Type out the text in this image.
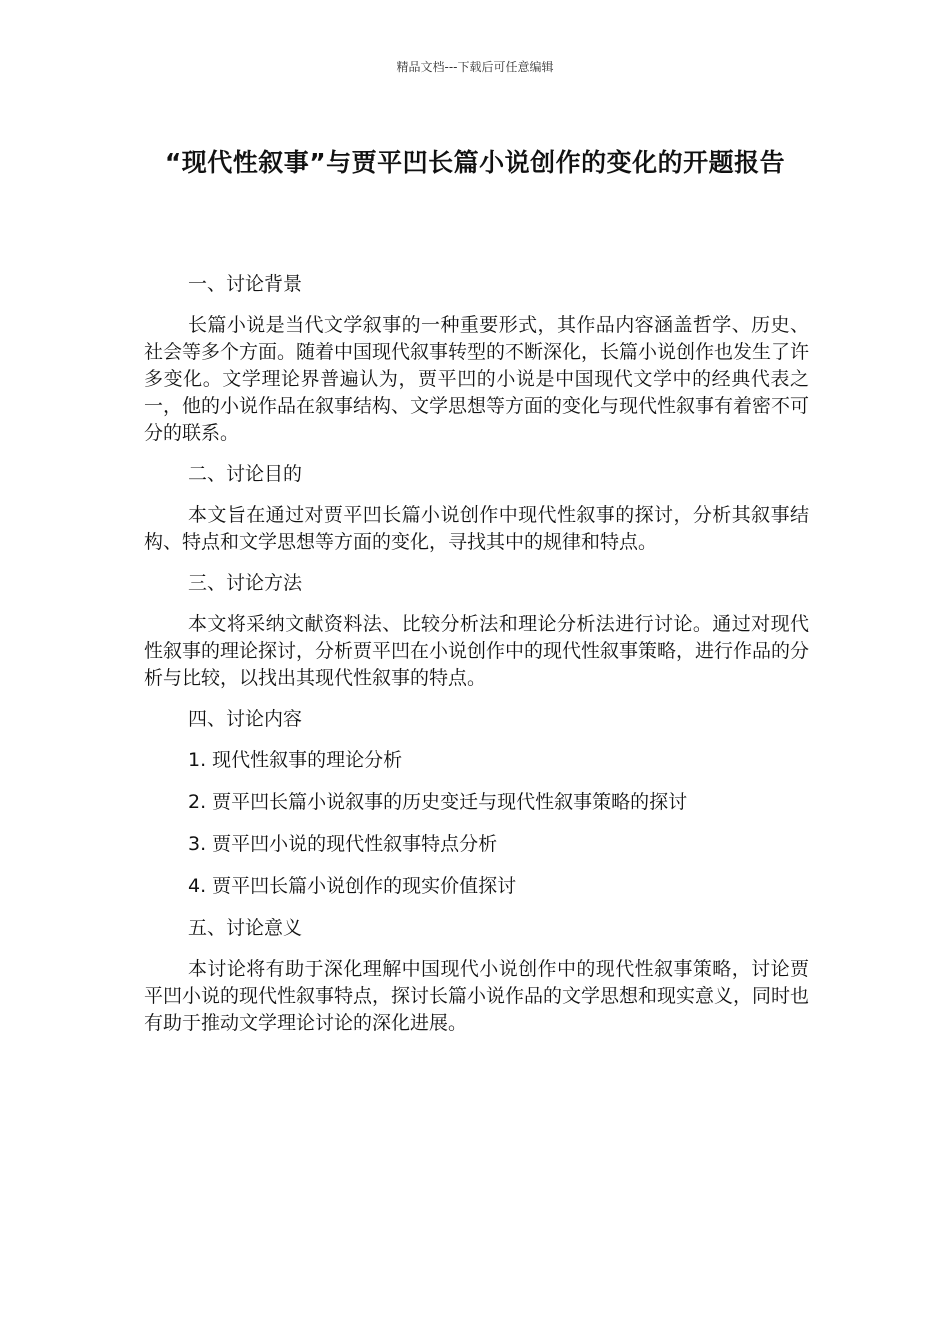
精品文档---下载后可任意编辑
“现代性叙事”与贾平凹长篇小说创作的变化的开题报告

一、讨论背景

长篇小说是当代文学叙事的一种重要形式，其作品内容涵盖哲学、历史、社会等多个方面。随着中国现代叙事转型的不断深化，长篇小说创作也发生了许多变化。文学理论界普遍认为，贾平凹的小说是中国现代文学中的经典代表之一，他的小说作品在叙事结构、文学思想等方面的变化与现代性叙事有着密不可分的联系。

二、讨论目的

本文旨在通过对贾平凹长篇小说创作中现代性叙事的探讨，分析其叙事结构、特点和文学思想等方面的变化，寻找其中的规律和特点。

三、讨论方法

本文将采纳文献资料法、比较分析法和理论分析法进行讨论。通过对现代性叙事的理论探讨，分析贾平凹在小说创作中的现代性叙事策略，进行作品的分析与比较，以找出其现代性叙事的特点。

四、讨论内容

1. 现代性叙事的理论分析

2. 贾平凹长篇小说叙事的历史变迁与现代性叙事策略的探讨

3. 贾平凹小说的现代性叙事特点分析

4. 贾平凹长篇小说创作的现实价值探讨

五、讨论意义

本讨论将有助于深化理解中国现代小说创作中的现代性叙事策略，讨论贾平凹小说的现代性叙事特点，探讨长篇小说作品的文学思想和现实意义，同时也有助于推动文学理论讨论的深化进展。
